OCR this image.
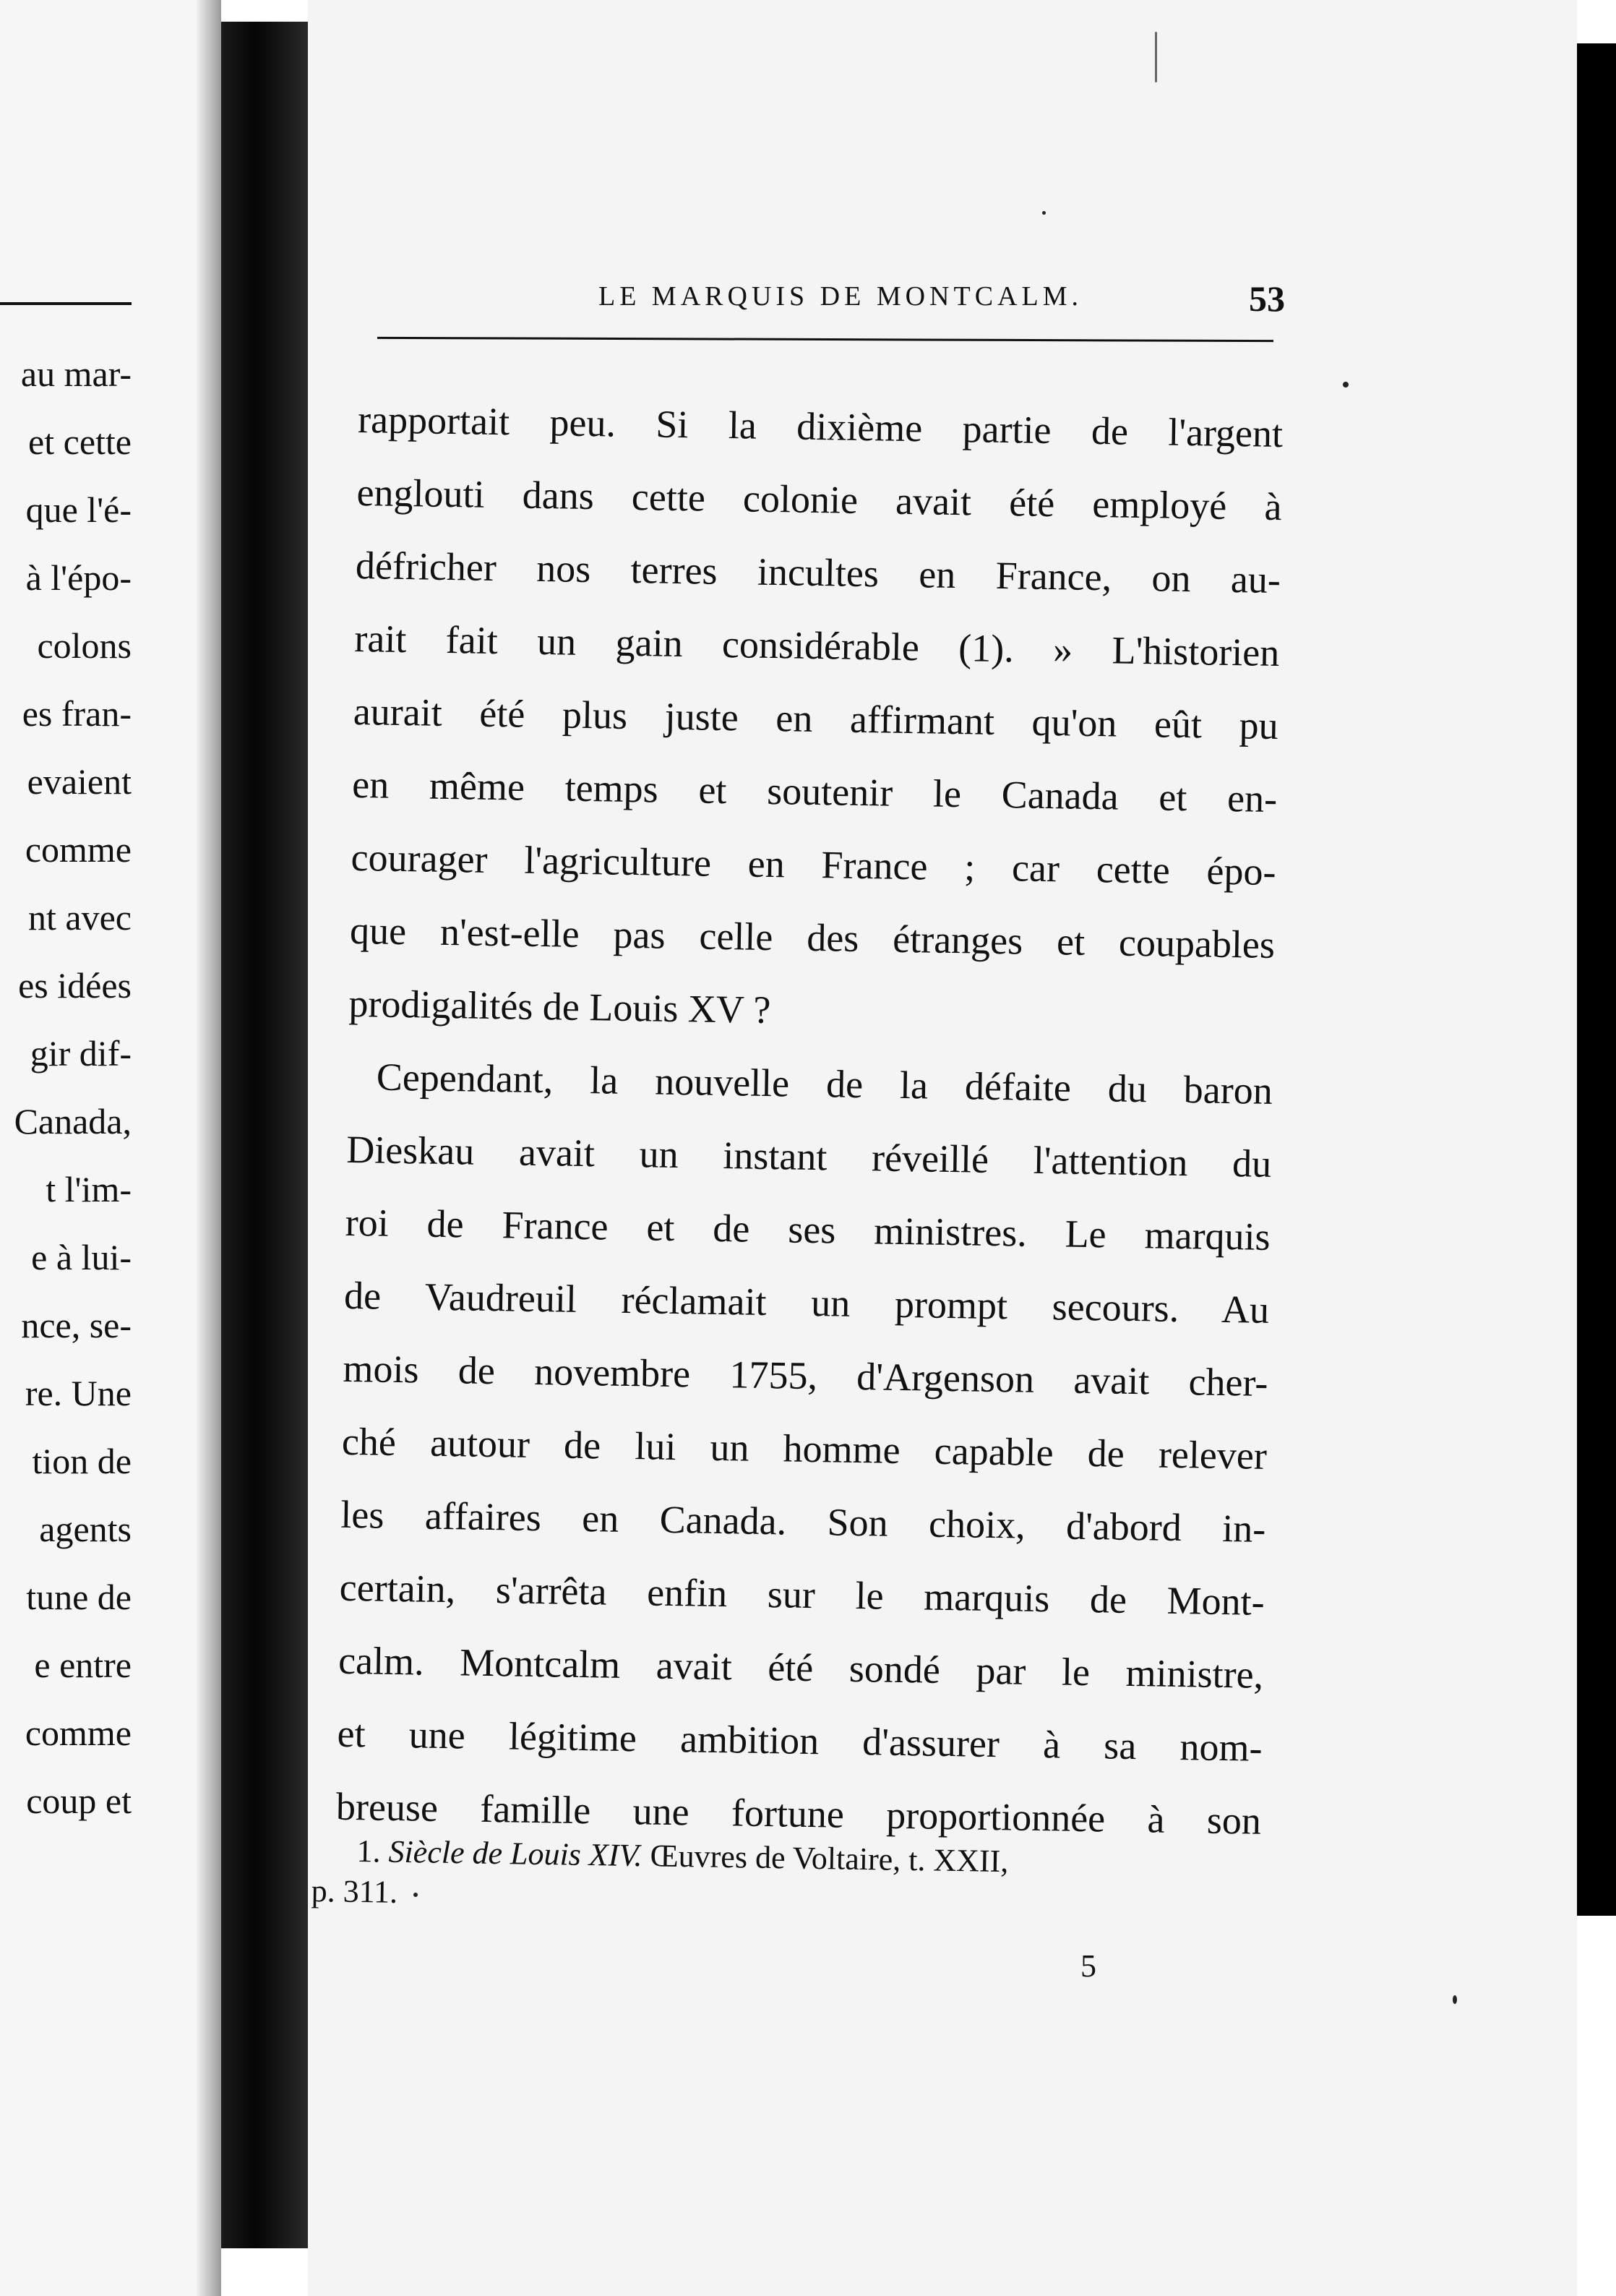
au mar-
et cette
que l'é-
à l'épo-
colons
es fran-
evaient
comme
nt avec
es idées
gir dif-
Canada,
t l'im-
e à lui-
nce, se-
re. Une
tion de
agents
tune de
e entre
comme
coup et
LE MARQUIS DE MONTCALM.	53
rapportait peu. Si la dixième partie de l'argent
englouti dans cette colonie avait été employé à
défricher nos terres incultes en France, on au-
rait fait un gain considérable (1). » L'historien
aurait été plus juste en affirmant qu'on eût pu
en même temps et soutenir le Canada et en-
courager l'agriculture en France ; car cette épo-
que n'est-elle pas celle des étranges et coupables
prodigalités de Louis XV ?
Cependant, la nouvelle de la défaite du baron
Dieskau avait un instant réveillé l'attention du
roi de France et de ses ministres. Le marquis
de Vaudreuil réclamait un prompt secours. Au
mois de novembre 1755, d'Argenson avait cher-
ché autour de lui un homme capable de relever
les affaires en Canada. Son choix, d'abord in-
certain, s'arrêta enfin sur le marquis de Mont-
calm. Montcalm avait été sondé par le ministre,
et une légitime ambition d'assurer à sa nom-
breuse famille une fortune proportionnée à son
1. Siècle de Louis XIV. Œuvres de Voltaire, t. XXII,
p. 311.
5
